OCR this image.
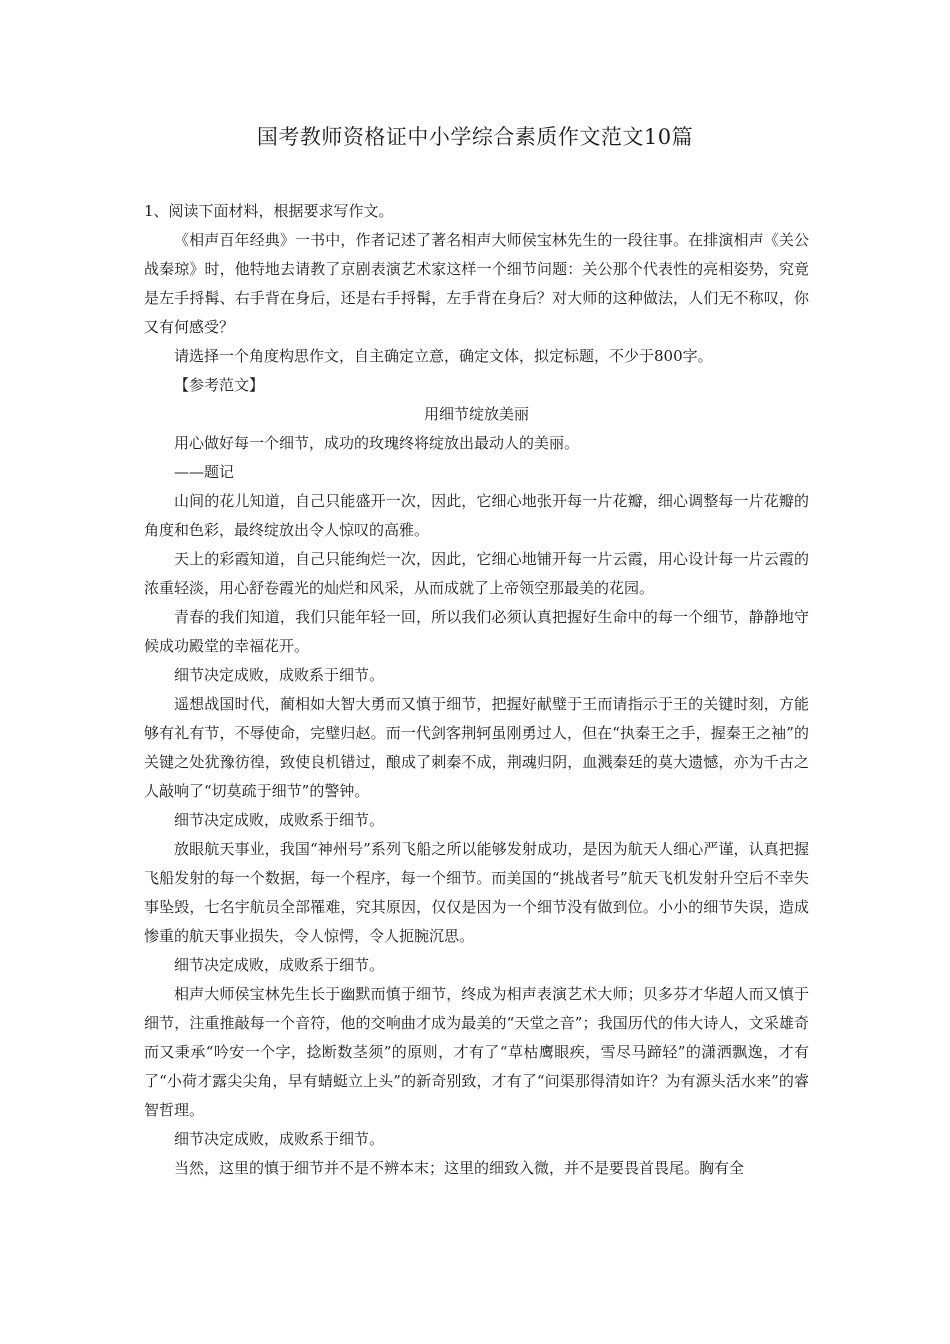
国考教师资格证中小学综合素质作文范文10篇

1、阅读下面材料，根据要求写作文。

《相声百年经典》一书中，作者记述了著名相声大师侯宝林先生的一段往事。在排演相声《关公战秦琼》时，他特地去请教了京剧表演艺术家这样一个细节问题：关公那个代表性的亮相姿势，究竟是左手捋髯、右手背在身后，还是右手捋髯，左手背在身后？对大师的这种做法，人们无不称叹，你又有何感受？

请选择一个角度构思作文，自主确定立意，确定文体，拟定标题，不少于800字。

【参考范文】

用细节绽放美丽

用心做好每一个细节，成功的玫瑰终将绽放出最动人的美丽。

——题记

山间的花儿知道，自己只能盛开一次，因此，它细心地张开每一片花瓣，细心调整每一片花瓣的角度和色彩，最终绽放出令人惊叹的高雅。

天上的彩霞知道，自己只能绚烂一次，因此，它细心地铺开每一片云霞，用心设计每一片云霞的浓重轻淡，用心舒卷霞光的灿烂和风采，从而成就了上帝领空那最美的花园。

青春的我们知道，我们只能年轻一回，所以我们必须认真把握好生命中的每一个细节，静静地守候成功殿堂的幸福花开。

细节决定成败，成败系于细节。

遥想战国时代，蔺相如大智大勇而又慎于细节，把握好献璧于王而请指示于王的关键时刻，方能够有礼有节，不辱使命，完璧归赵。而一代剑客荆轲虽刚勇过人，但在“执秦王之手，握秦王之袖”的关键之处犹豫彷徨，致使良机错过，酿成了刺秦不成，荆魂归阴，血溅秦廷的莫大遗憾，亦为千古之人敲响了“切莫疏于细节”的警钟。

细节决定成败，成败系于细节。

放眼航天事业，我国“神州号”系列飞船之所以能够发射成功，是因为航天人细心严谨，认真把握飞船发射的每一个数据，每一个程序，每一个细节。而美国的“挑战者号”航天飞机发射升空后不幸失事坠毁，七名宇航员全部罹难，究其原因，仅仅是因为一个细节没有做到位。小小的细节失误，造成惨重的航天事业损失，令人惊愕，令人扼腕沉思。

细节决定成败，成败系于细节。

相声大师侯宝林先生长于幽默而慎于细节，终成为相声表演艺术大师；贝多芬才华超人而又慎于细节，注重推敲每一个音符，他的交响曲才成为最美的“天堂之音”；我国历代的伟大诗人，文采雄奇而又秉承“吟安一个字，捻断数茎须”的原则，才有了“草枯鹰眼疾，雪尽马蹄轻”的潇洒飘逸，才有了“小荷才露尖尖角，早有蜻蜓立上头”的新奇别致，才有了“问渠那得清如许？为有源头活水来”的睿智哲理。

细节决定成败，成败系于细节。

当然，这里的慎于细节并不是不辨本末；这里的细致入微，并不是要畏首畏尾。胸有全
